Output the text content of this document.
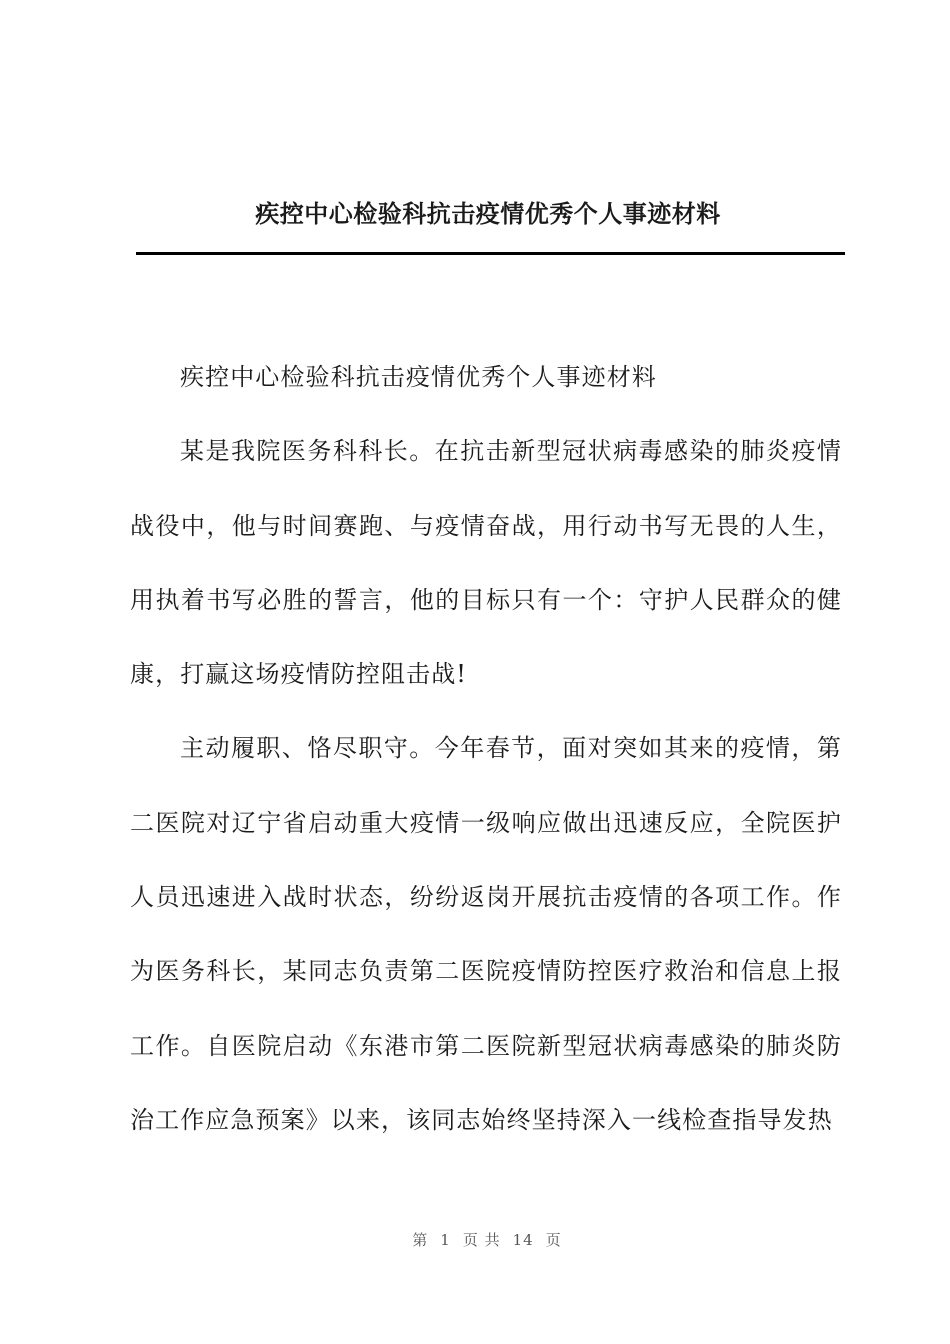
疾控中心检验科抗击疫情优秀个人事迹材料

疾控中心检验科抗击疫情优秀个人事迹材料

某是我院医务科科长。在抗击新型冠状病毒感染的肺炎疫情战役中，他与时间赛跑、与疫情奋战，用行动书写无畏的人生，用执着书写必胜的誓言，他的目标只有一个：守护人民群众的健康，打赢这场疫情防控阻击战!

主动履职、恪尽职守。今年春节，面对突如其来的疫情，第二医院对辽宁省启动重大疫情一级响应做出迅速反应，全院医护人员迅速进入战时状态，纷纷返岗开展抗击疫情的各项工作。作为医务科长，某同志负责第二医院疫情防控医疗救治和信息上报工作。自医院启动《东港市第二医院新型冠状病毒感染的肺炎防治工作应急预案》以来，该同志始终坚持深入一线检查指导发热

第 1 页 共 14 页
